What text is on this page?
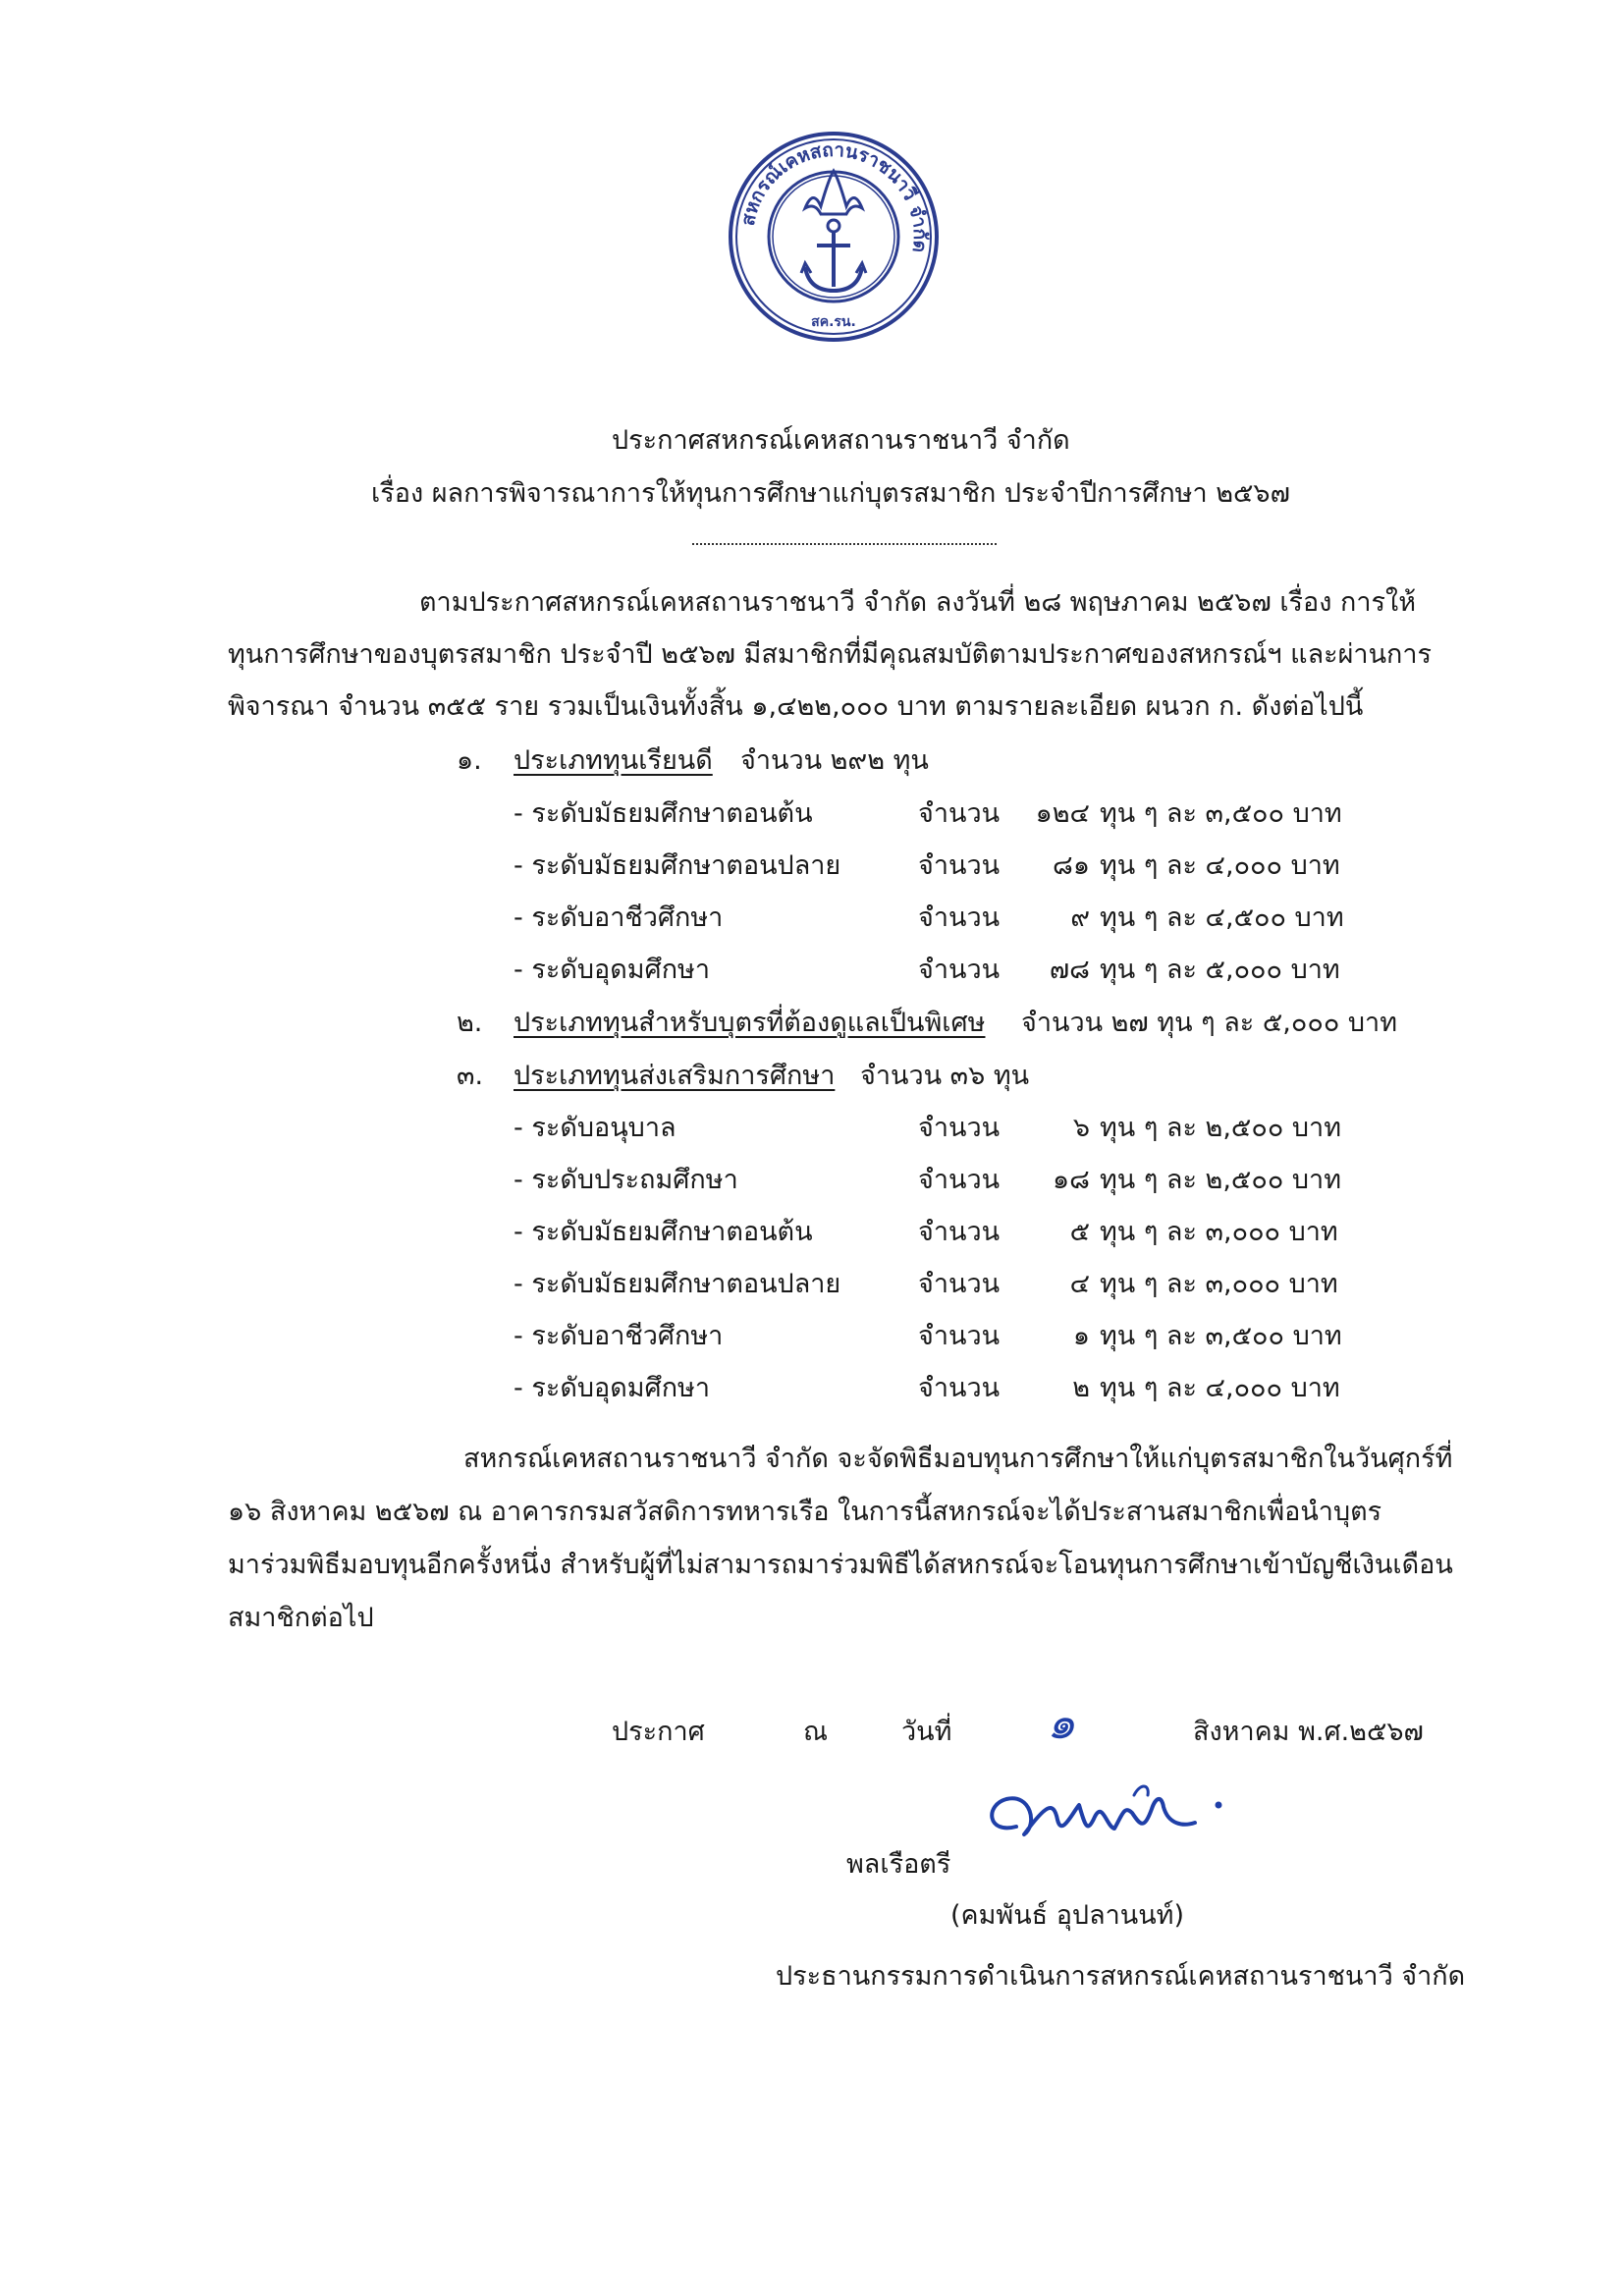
สหกรณ์เคหสถานราชนาวี จำกัด
สค.รน.
ประกาศสหกรณ์เคหสถานราชนาวี จำกัด
เรื่อง ผลการพิจารณาการให้ทุนการศึกษาแก่บุตรสมาชิก ประจำปีการศึกษา ๒๕๖๗
ตามประกาศสหกรณ์เคหสถานราชนาวี จำกัด ลงวันที่ ๒๘ พฤษภาคม ๒๕๖๗ เรื่อง การให้
ทุนการศึกษาของบุตรสมาชิก ประจำปี ๒๕๖๗ มีสมาชิกที่มีคุณสมบัติตามประกาศของสหกรณ์ฯ และผ่านการ
พิจารณา จำนวน ๓๕๕ ราย รวมเป็นเงินทั้งสิ้น ๑,๔๒๒,๐๐๐ บาท ตามรายละเอียด ผนวก ก. ดังต่อไปนี้
๑. ประเภททุนเรียนดี จำนวน ๒๙๒ ทุน
- ระดับมัธยมศึกษาตอนต้น	จำนวน	๑๒๔ ทุน ๆ ละ ๓,๕๐๐ บาท
- ระดับมัธยมศึกษาตอนปลาย	จำนวน	๘๑ ทุน ๆ ละ ๔,๐๐๐ บาท
- ระดับอาชีวศึกษา	จำนวน	๙ ทุน ๆ ละ ๔,๕๐๐ บาท
- ระดับอุดมศึกษา	จำนวน	๗๘ ทุน ๆ ละ ๕,๐๐๐ บาท
๒. ประเภททุนสำหรับบุตรที่ต้องดูแลเป็นพิเศษ จำนวน ๒๗ ทุน ๆ ละ ๕,๐๐๐ บาท
๓. ประเภททุนส่งเสริมการศึกษา จำนวน ๓๖ ทุน
- ระดับอนุบาล	จำนวน	๖ ทุน ๆ ละ ๒,๕๐๐ บาท
- ระดับประถมศึกษา	จำนวน	๑๘ ทุน ๆ ละ ๒,๕๐๐ บาท
- ระดับมัธยมศึกษาตอนต้น	จำนวน	๕ ทุน ๆ ละ ๓,๐๐๐ บาท
- ระดับมัธยมศึกษาตอนปลาย	จำนวน	๔ ทุน ๆ ละ ๓,๐๐๐ บาท
- ระดับอาชีวศึกษา	จำนวน	๑ ทุน ๆ ละ ๓,๕๐๐ บาท
- ระดับอุดมศึกษา	จำนวน	๒ ทุน ๆ ละ ๔,๐๐๐ บาท
สหกรณ์เคหสถานราชนาวี จำกัด จะจัดพิธีมอบทุนการศึกษาให้แก่บุตรสมาชิกในวันศุกร์ที่
๑๖ สิงหาคม ๒๕๖๗ ณ อาคารกรมสวัสดิการทหารเรือ ในการนี้สหกรณ์จะได้ประสานสมาชิกเพื่อนำบุตร
มาร่วมพิธีมอบทุนอีกครั้งหนึ่ง สำหรับผู้ที่ไม่สามารถมาร่วมพิธีได้สหกรณ์จะโอนทุนการศึกษาเข้าบัญชีเงินเดือน
สมาชิกต่อไป
ประกาศ	ณ	วันที่ ๑	สิงหาคม พ.ศ.๒๕๖๗
พลเรือตรี
(คมพันธ์ อุปลานนท์)
ประธานกรรมการดำเนินการสหกรณ์เคหสถานราชนาวี จำกัด
